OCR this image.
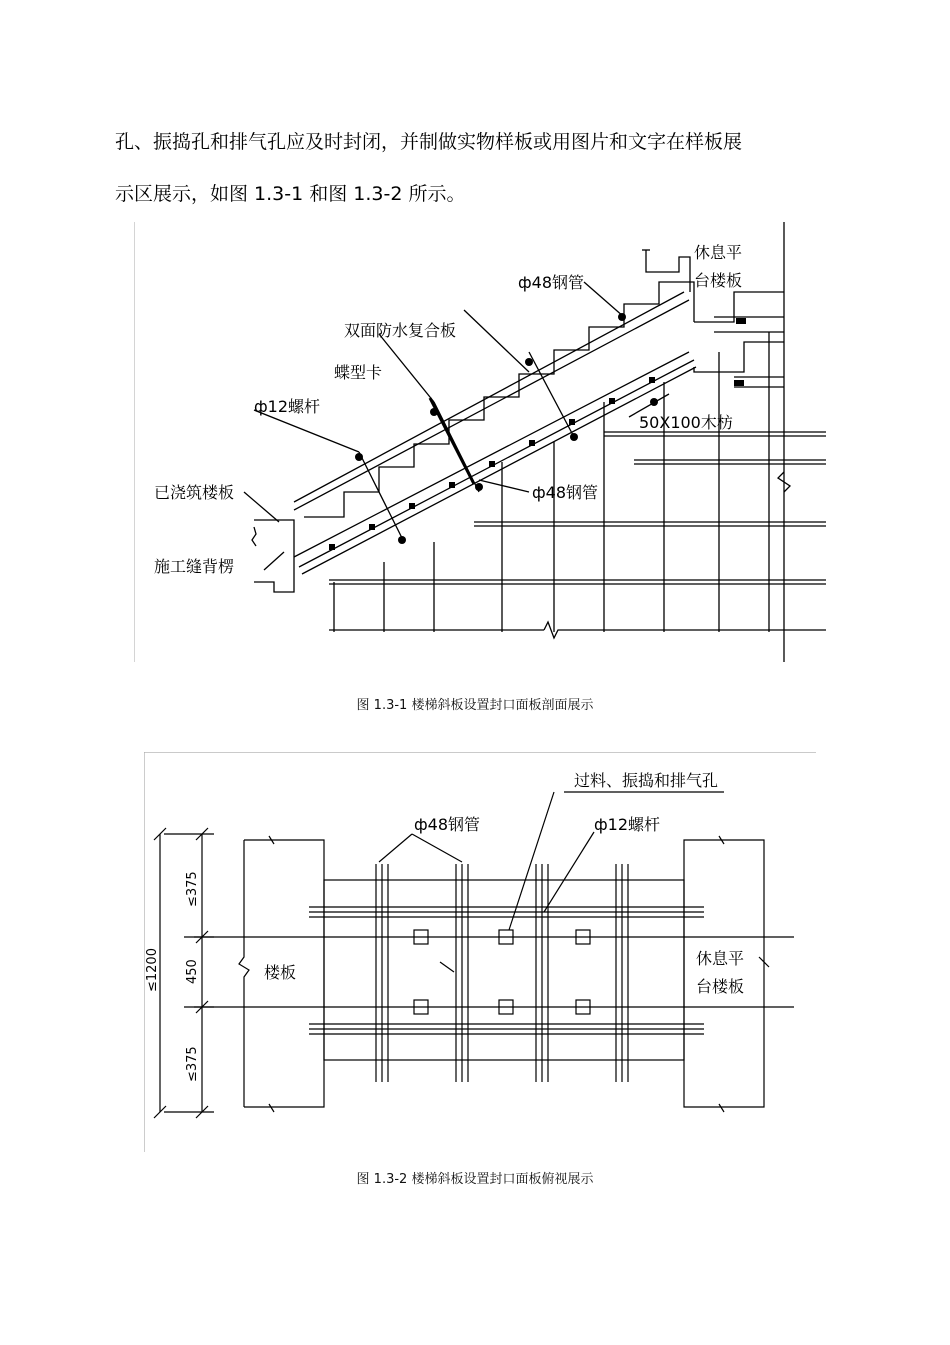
孔、振捣孔和排气孔应及时封闭，并制做实物样板或用图片和文字在样板展

示区展示，如图 1.3-1 和图 1.3-2 所示。

休息平
台楼板
ф48钢管
双面防水复合板
蝶型卡
ф12螺杆
已浇筑楼板
施工缝背楞
50X100木枋
ф48钢管
图 1.3-1 楼梯斜板设置封口面板剖面展示
过料、振捣和排气孔
ф48钢管	ф12螺杆
楼板
休息平
台楼板
≤1200
≤375
450
≤375
图 1.3-2 楼梯斜板设置封口面板俯视展示
